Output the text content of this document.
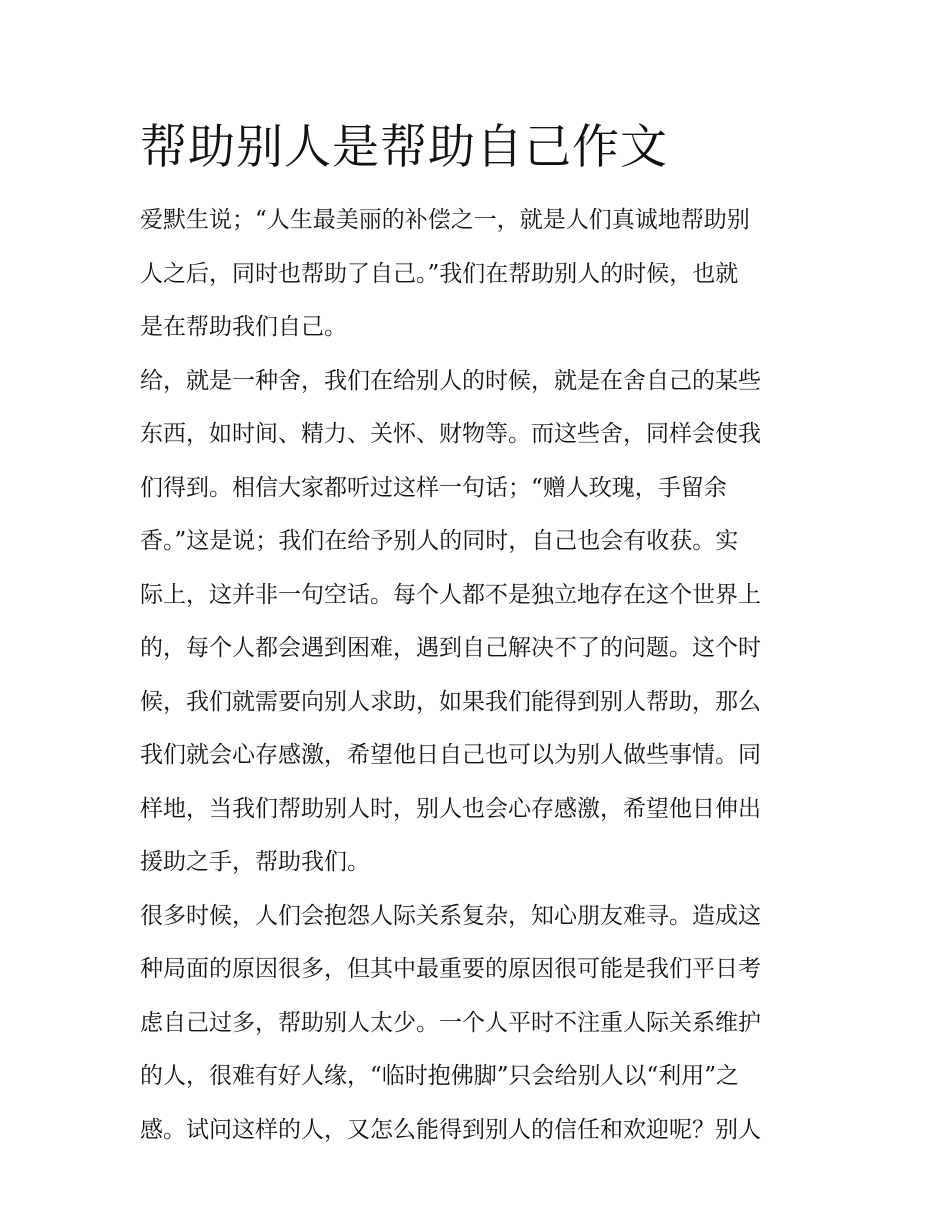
帮助别人是帮助自己作文

爱默生说；“人生最美丽的补偿之一，就是人们真诚地帮助别
人之后，同时也帮助了自己。”我们在帮助别人的时候，也就
是在帮助我们自己。

给，就是一种舍，我们在给别人的时候，就是在舍自己的某些
东西，如时间、精力、关怀、财物等。而这些舍，同样会使我
们得到。相信大家都听过这样一句话；“赠人玫瑰，手留余
香。”这是说；我们在给予别人的同时，自己也会有收获。实
际上，这并非一句空话。每个人都不是独立地存在这个世界上
的，每个人都会遇到困难，遇到自己解决不了的问题。这个时
候，我们就需要向别人求助，如果我们能得到别人帮助，那么
我们就会心存感激，希望他日自己也可以为别人做些事情。同
样地，当我们帮助别人时，别人也会心存感激，希望他日伸出
援助之手，帮助我们。

很多时候，人们会抱怨人际关系复杂，知心朋友难寻。造成这
种局面的原因很多，但其中最重要的原因很可能是我们平日考
虑自己过多，帮助别人太少。一个人平时不注重人际关系维护
的人，很难有好人缘，“临时抱佛脚”只会给别人以“利用”之
感。试问这样的人，又怎么能得到别人的信任和欢迎呢？别人
